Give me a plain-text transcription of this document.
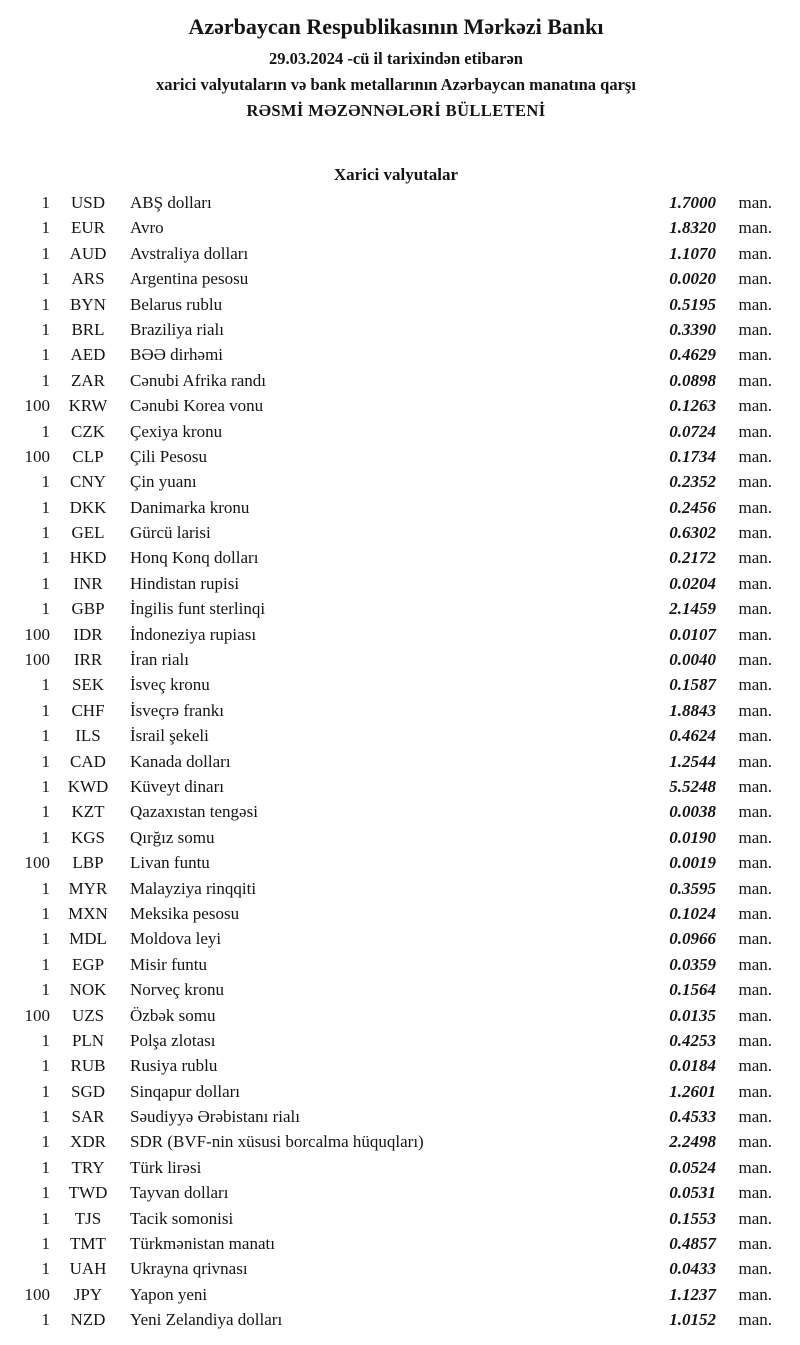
Azərbaycan Respublikasının Mərkəzi Bankı
29.03.2024 -cü il tarixindən etibarən
xarici valyutaların və bank metallarının Azərbaycan manatına qarşı
RƏSMİ MƏZƏNNƏLƏRİ BÜLLETENİ
Xarici valyutalar
1	USD	ABŞ dolları	1.7000	man.
1	EUR	Avro	1.8320	man.
1	AUD	Avstraliya dolları	1.1070	man.
1	ARS	Argentina pesosu	0.0020	man.
1	BYN	Belarus rublu	0.5195	man.
1	BRL	Braziliya rialı	0.3390	man.
1	AED	BƏƏ dirhəmi	0.4629	man.
1	ZAR	Cənubi Afrika randı	0.0898	man.
100	KRW	Cənubi Korea vonu	0.1263	man.
1	CZK	Çexiya kronu	0.0724	man.
100	CLP	Çili Pesosu	0.1734	man.
1	CNY	Çin yuanı	0.2352	man.
1	DKK	Danimarka kronu	0.2456	man.
1	GEL	Gürcü larisi	0.6302	man.
1	HKD	Honq Konq dolları	0.2172	man.
1	INR	Hindistan rupisi	0.0204	man.
1	GBP	İngilis funt sterlinqi	2.1459	man.
100	IDR	İndoneziya rupiası	0.0107	man.
100	IRR	İran rialı	0.0040	man.
1	SEK	İsveç kronu	0.1587	man.
1	CHF	İsveçrə frankı	1.8843	man.
1	ILS	İsrail şekeli	0.4624	man.
1	CAD	Kanada dolları	1.2544	man.
1	KWD	Küveyt dinarı	5.5248	man.
1	KZT	Qazaxıstan tengəsi	0.0038	man.
1	KGS	Qırğız somu	0.0190	man.
100	LBP	Livan funtu	0.0019	man.
1	MYR	Malayziya rinqqiti	0.3595	man.
1	MXN	Meksika pesosu	0.1024	man.
1	MDL	Moldova leyi	0.0966	man.
1	EGP	Misir funtu	0.0359	man.
1	NOK	Norveç kronu	0.1564	man.
100	UZS	Özbək somu	0.0135	man.
1	PLN	Polşa zlotası	0.4253	man.
1	RUB	Rusiya rublu	0.0184	man.
1	SGD	Sinqapur dolları	1.2601	man.
1	SAR	Səudiyyə Ərəbistanı rialı	0.4533	man.
1	XDR	SDR (BVF-nin xüsusi borcalma hüquqları)	2.2498	man.
1	TRY	Türk lirəsi	0.0524	man.
1	TWD	Tayvan dolları	0.0531	man.
1	TJS	Tacik somonisi	0.1553	man.
1	TMT	Türkmənistan manatı	0.4857	man.
1	UAH	Ukrayna qrivnası	0.0433	man.
100	JPY	Yapon yeni	1.1237	man.
1	NZD	Yeni Zelandiya dolları	1.0152	man.
